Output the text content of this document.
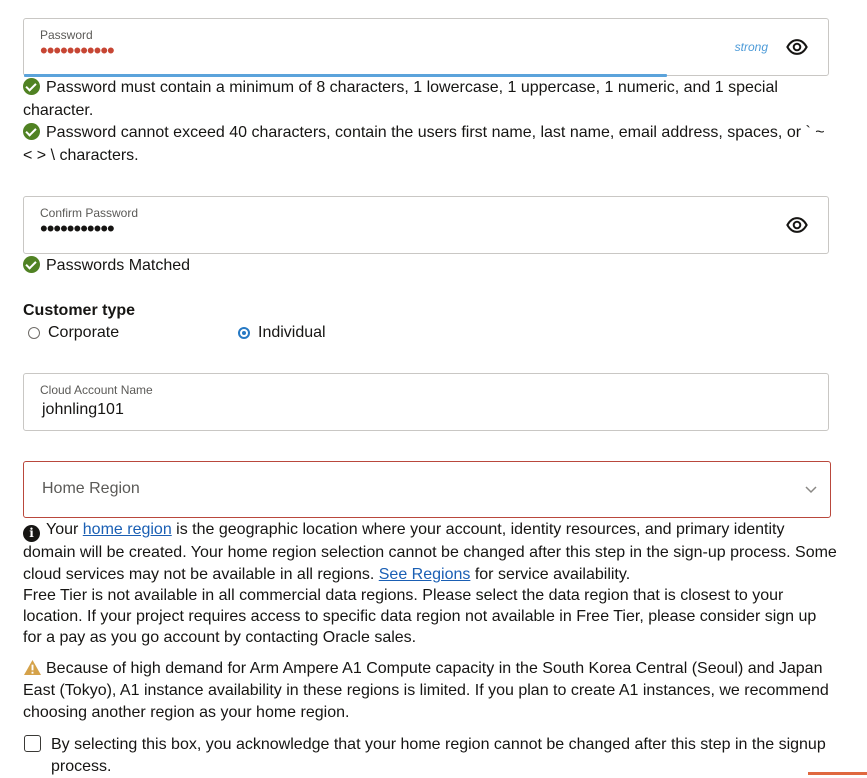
Password
•••••••••••	strong
Password must contain a minimum of 8 characters, 1 lowercase, 1 uppercase, 1 numeric, and 1 special character.
Password cannot exceed 40 characters, contain the users first name, last name, email address, spaces, or ` ~ < > \ characters.
Confirm Password
•••••••••••
Passwords Matched
Customer type
Corporate	Individual
Cloud Account Name
johnling101
Home Region
i Your home region is the geographic location where your account, identity resources, and primary identity domain will be created. Your home region selection cannot be changed after this step in the sign-up process. Some cloud services may not be available in all regions. See Regions for service availability.
Free Tier is not available in all commercial data regions. Please select the data region that is closest to your location. If your project requires access to specific data region not available in Free Tier, please consider sign up for a pay as you go account by contacting Oracle sales.
Because of high demand for Arm Ampere A1 Compute capacity in the South Korea Central (Seoul) and Japan East (Tokyo), A1 instance availability in these regions is limited. If you plan to create A1 instances, we recommend choosing another region as your home region.
By selecting this box, you acknowledge that your home region cannot be changed after this step in the signup process.
